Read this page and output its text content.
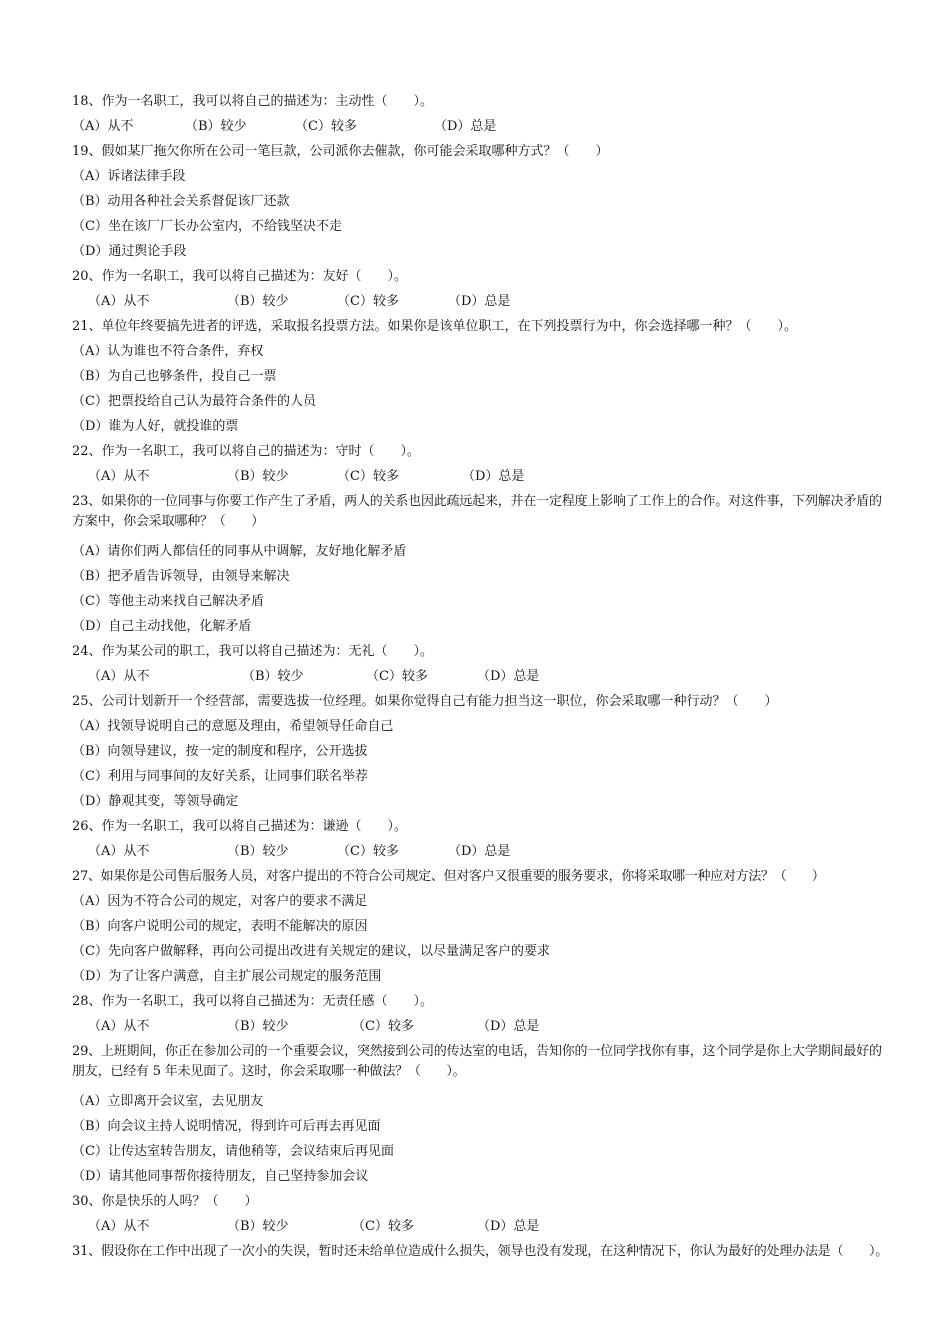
18、作为一名职工，我可以将自己的描述为：主动性（　　）。
（A）从不	（B）较少	（C）较多	（D）总是
19、假如某厂拖欠你所在公司一笔巨款，公司派你去催款，你可能会采取哪种方式？（　　）
（A）诉诸法律手段
（B）动用各种社会关系督促该厂还款
（C）坐在该厂厂长办公室内，不给钱坚决不走
（D）通过舆论手段
20、作为一名职工，我可以将自己描述为：友好（　　）。
（A）从不	（B）较少	（C）较多	（D）总是
21、单位年终要搞先进者的评选，采取报名投票方法。如果你是该单位职工，在下列投票行为中，你会选择哪一种？（　　）。
（A）认为谁也不符合条件，弃权
（B）为自己也够条件，投自己一票
（C）把票投给自己认为最符合条件的人员
（D）谁为人好，就投谁的票
22、作为一名职工，我可以将自己的描述为：守时（　　）。
（A）从不	（B）较少	（C）较多	（D）总是
23、如果你的一位同事与你要工作产生了矛盾，两人的关系也因此疏远起来，并在一定程度上影响了工作上的合作。对这件事，下列解决矛盾的方案中，你会采取哪种？（　　）
（A）请你们两人都信任的同事从中调解，友好地化解矛盾
（B）把矛盾告诉领导，由领导来解决
（C）等他主动来找自己解决矛盾
（D）自己主动找他，化解矛盾
24、作为某公司的职工，我可以将自己描述为：无礼（　　）。
（A）从不	（B）较少	（C）较多	（D）总是
25、公司计划新开一个经营部，需要选拔一位经理。如果你觉得自己有能力担当这一职位，你会采取哪一种行动？（　　）
（A）找领导说明自己的意愿及理由，希望领导任命自己
（B）向领导建议，按一定的制度和程序，公开选拔
（C）利用与同事间的友好关系，让同事们联名举荐
（D）静观其变，等领导确定
26、作为一名职工，我可以将自己描述为：谦逊（　　）。
（A）从不	（B）较少	（C）较多	（D）总是
27、如果你是公司售后服务人员，对客户提出的不符合公司规定、但对客户又很重要的服务要求，你将采取哪一种应对方法？（　　）
（A）因为不符合公司的规定，对客户的要求不满足
（B）向客户说明公司的规定，表明不能解决的原因
（C）先向客户做解释，再向公司提出改进有关规定的建议，以尽量满足客户的要求
（D）为了让客户满意，自主扩展公司规定的服务范围
28、作为一名职工，我可以将自己描述为：无责任感（　　）。
（A）从不	（B）较少	（C）较多	（D）总是
29、上班期间，你正在参加公司的一个重要会议，突然接到公司的传达室的电话，告知你的一位同学找你有事，这个同学是你上大学期间最好的朋友，已经有 5 年未见面了。这时，你会采取哪一种做法？（　　）。
（A）立即离开会议室，去见朋友
（B）向会议主持人说明情况，得到许可后再去再见面
（C）让传达室转告朋友，请他稍等，会议结束后再见面
（D）请其他同事帮你接待朋友，自己坚持参加会议
30、你是快乐的人吗？（　　）
（A）从不	（B）较少	（C）较多	（D）总是
31、假设你在工作中出现了一次小的失误，暂时还未给单位造成什么损失，领导也没有发现，在这种情况下，你认为最好的处理办法是（　　）。
